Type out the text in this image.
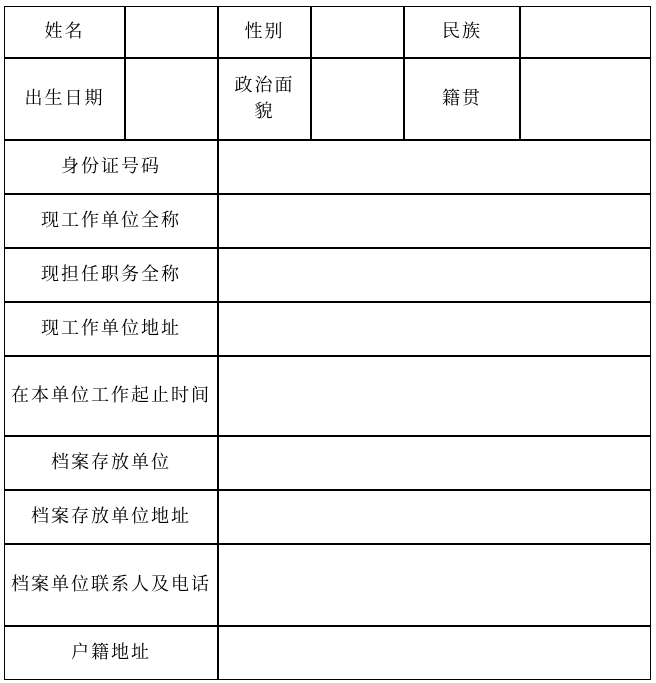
姓名	性别	民族
出生日期
政治面貌
籍贯
身份证号码
现工作单位全称
现担任职务全称
现工作单位地址
在本单位工作起止时间
档案存放单位
档案存放单位地址
档案单位联系人及电话
户籍地址
